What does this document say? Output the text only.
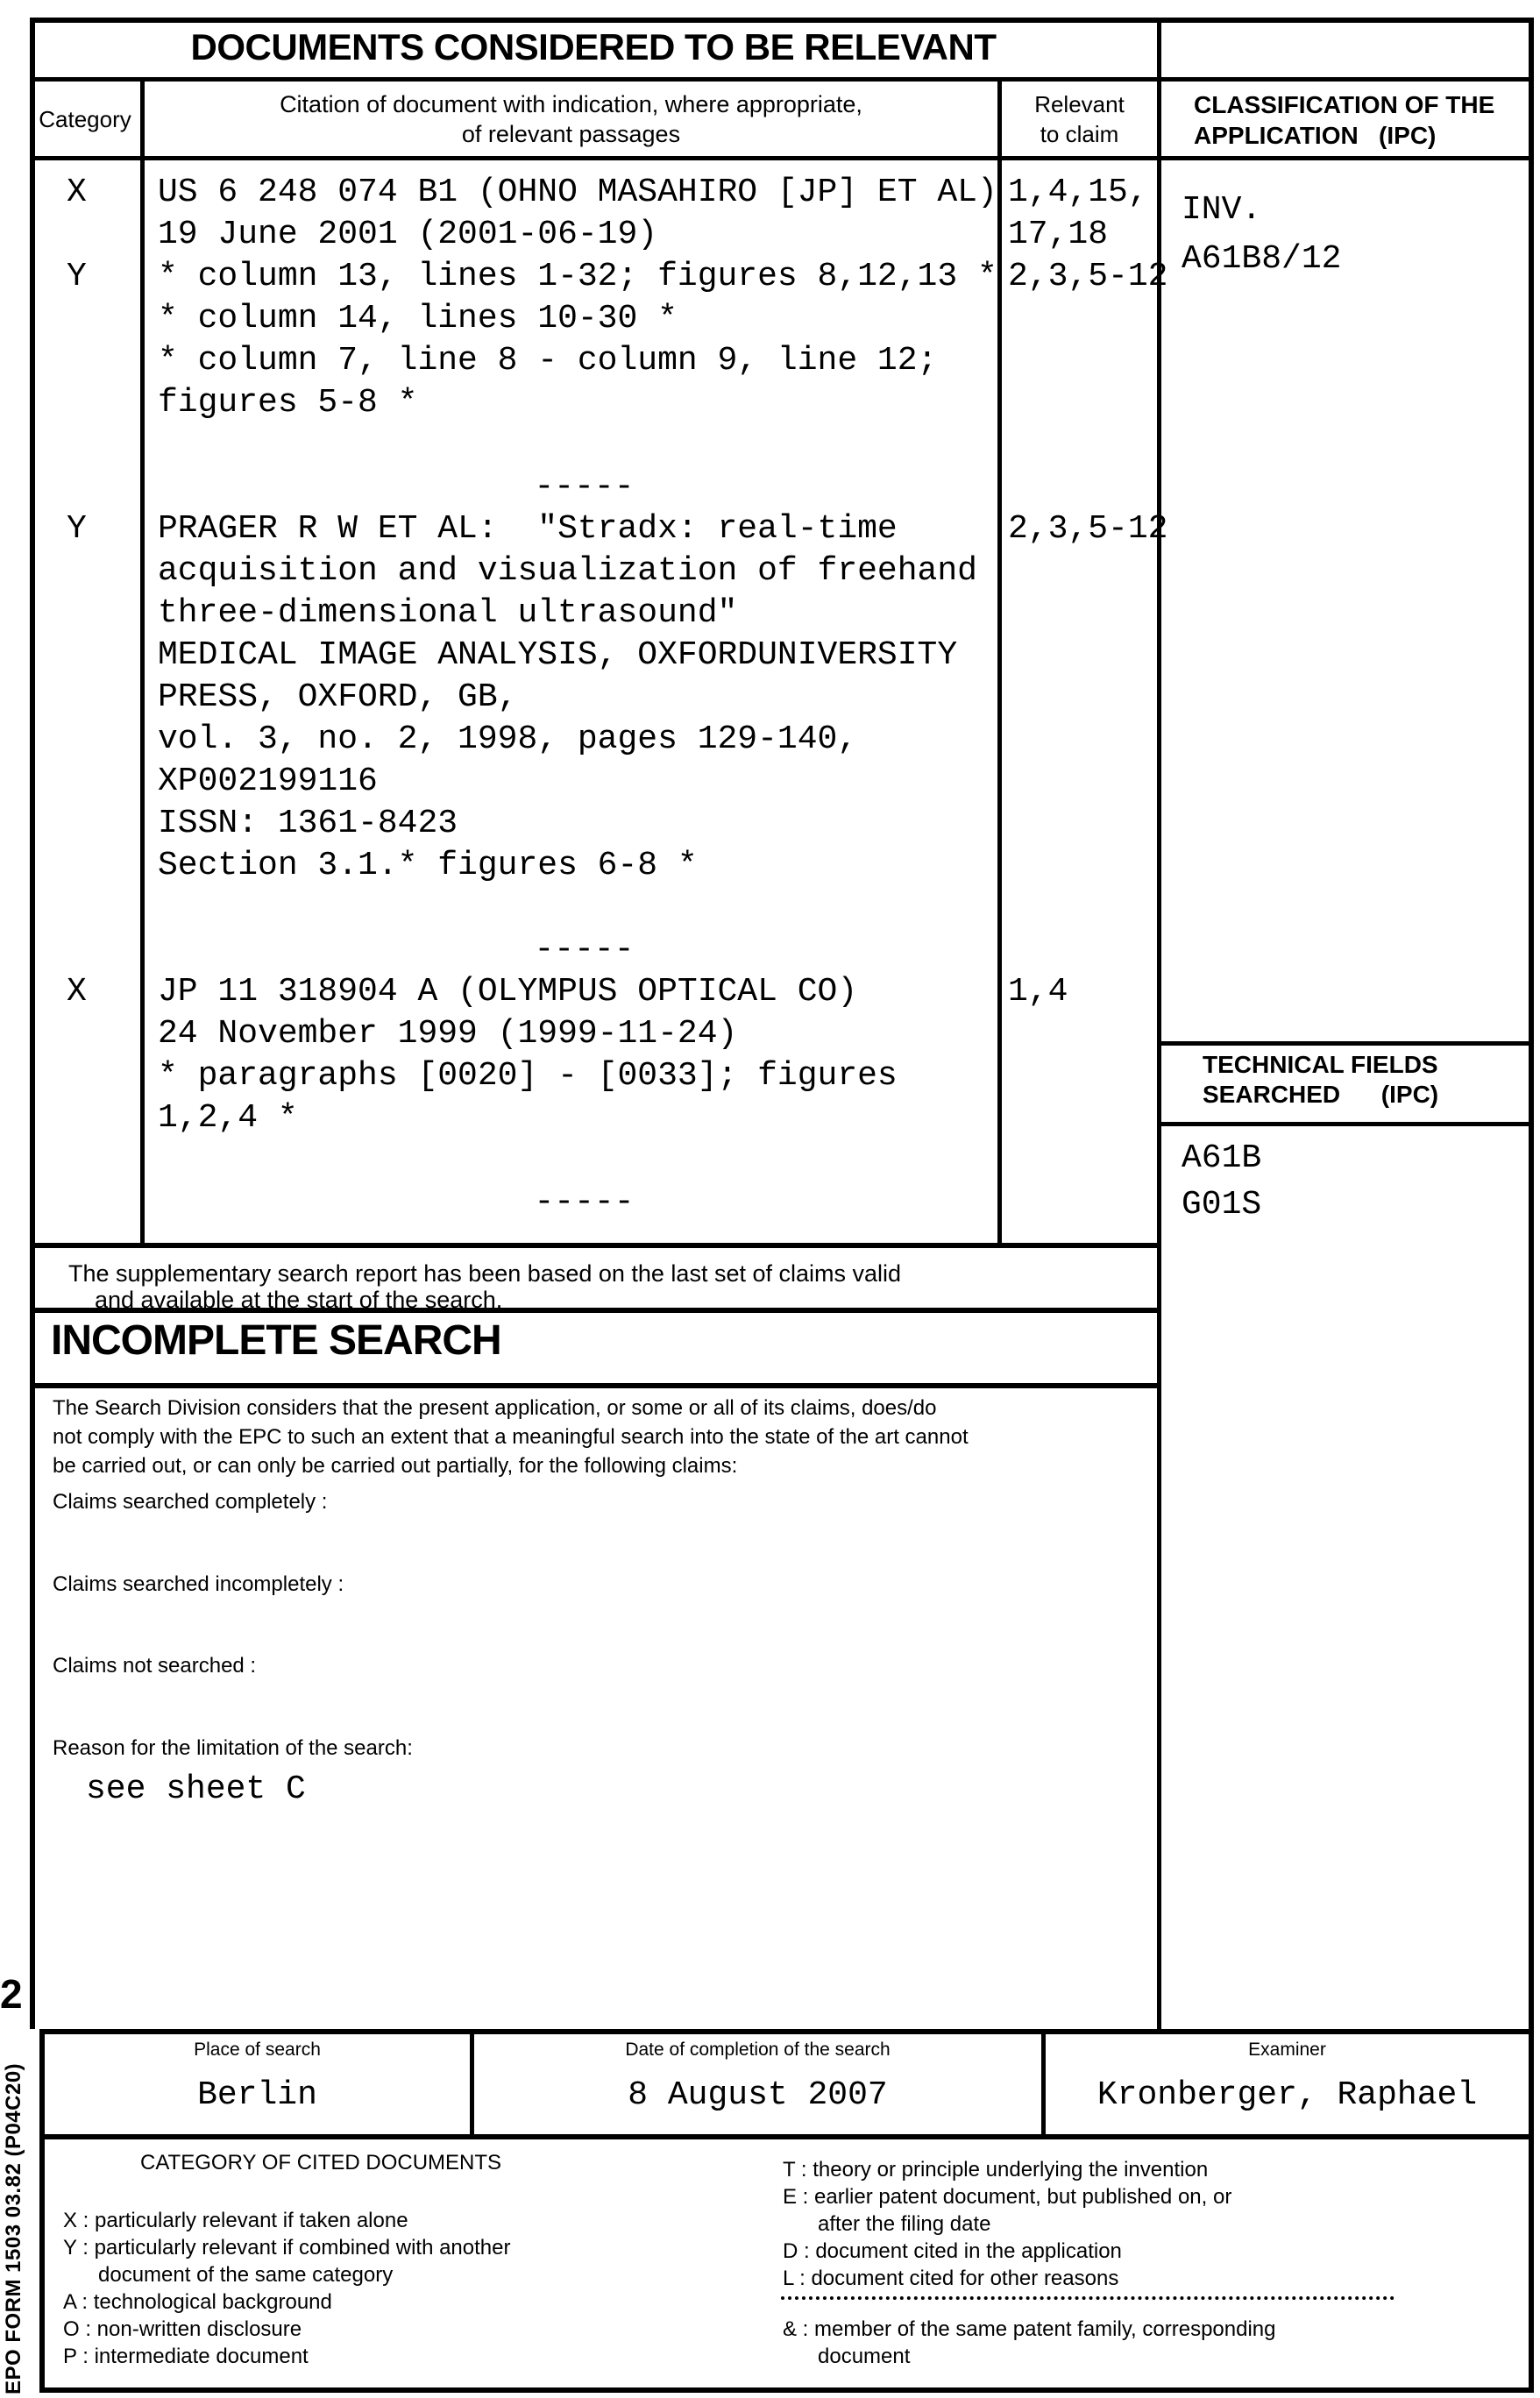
DOCUMENTS CONSIDERED TO BE RELEVANT
Category
Citation of document with indication, where appropriate,
of relevant passages
Relevant
to claim
CLASSIFICATION OF THE
APPLICATION   (IPC)
X

Y
1,4,15,
17,18
2,3,5-12
US 6 248 074 B1 (OHNO MASAHIRO [JP] ET AL)
19 June 2001 (2001-06-19)
* column 13, lines 1-32; figures 8,12,13 *
* column 14, lines 10-30 *
* column 7, line 8 - column 9, line 12;
figures 5-8 *
-----
Y	2,3,5-12
PRAGER R W ET AL:  "Stradx: real-time
acquisition and visualization of freehand
three-dimensional ultrasound"
MEDICAL IMAGE ANALYSIS, OXFORDUNIVERSITY
PRESS, OXFORD, GB,
vol. 3, no. 2, 1998, pages 129-140,
XP002199116
ISSN: 1361-8423
Section 3.1.* figures 6-8 *
-----
X	1,4
JP 11 318904 A (OLYMPUS OPTICAL CO)
24 November 1999 (1999-11-24)
* paragraphs [0020] - [0033]; figures
1,2,4 *
-----
INV.
A61B8/12
TECHNICAL FIELDS
SEARCHED      (IPC)
A61B
G01S
The supplementary search report has been based on the last set of claims valid
and available at the start of the search.
INCOMPLETE SEARCH
The Search Division considers that the present application, or some or all of its claims, does/do
not comply with the EPC to such an extent that a meaningful search into the state of the art cannot
be carried out, or can only be carried out partially, for the following claims:
Claims searched completely :
Claims searched incompletely :
Claims not searched :
Reason for the limitation of the search:
see sheet C
Place of search
Berlin
Date of completion of the search
8 August 2007
Examiner
Kronberger, Raphael
CATEGORY OF CITED DOCUMENTS
X : particularly relevant if taken alone
Y : particularly relevant if combined with another
document of the same category
A : technological background
O : non-written disclosure
P : intermediate document
T : theory or principle underlying the invention
E : earlier patent document, but published on, or
after the filing date
D : document cited in the application
L : document cited for other reasons
& : member of the same patent family, corresponding
document
2
EPO FORM 1503 03.82 (P04C20)
